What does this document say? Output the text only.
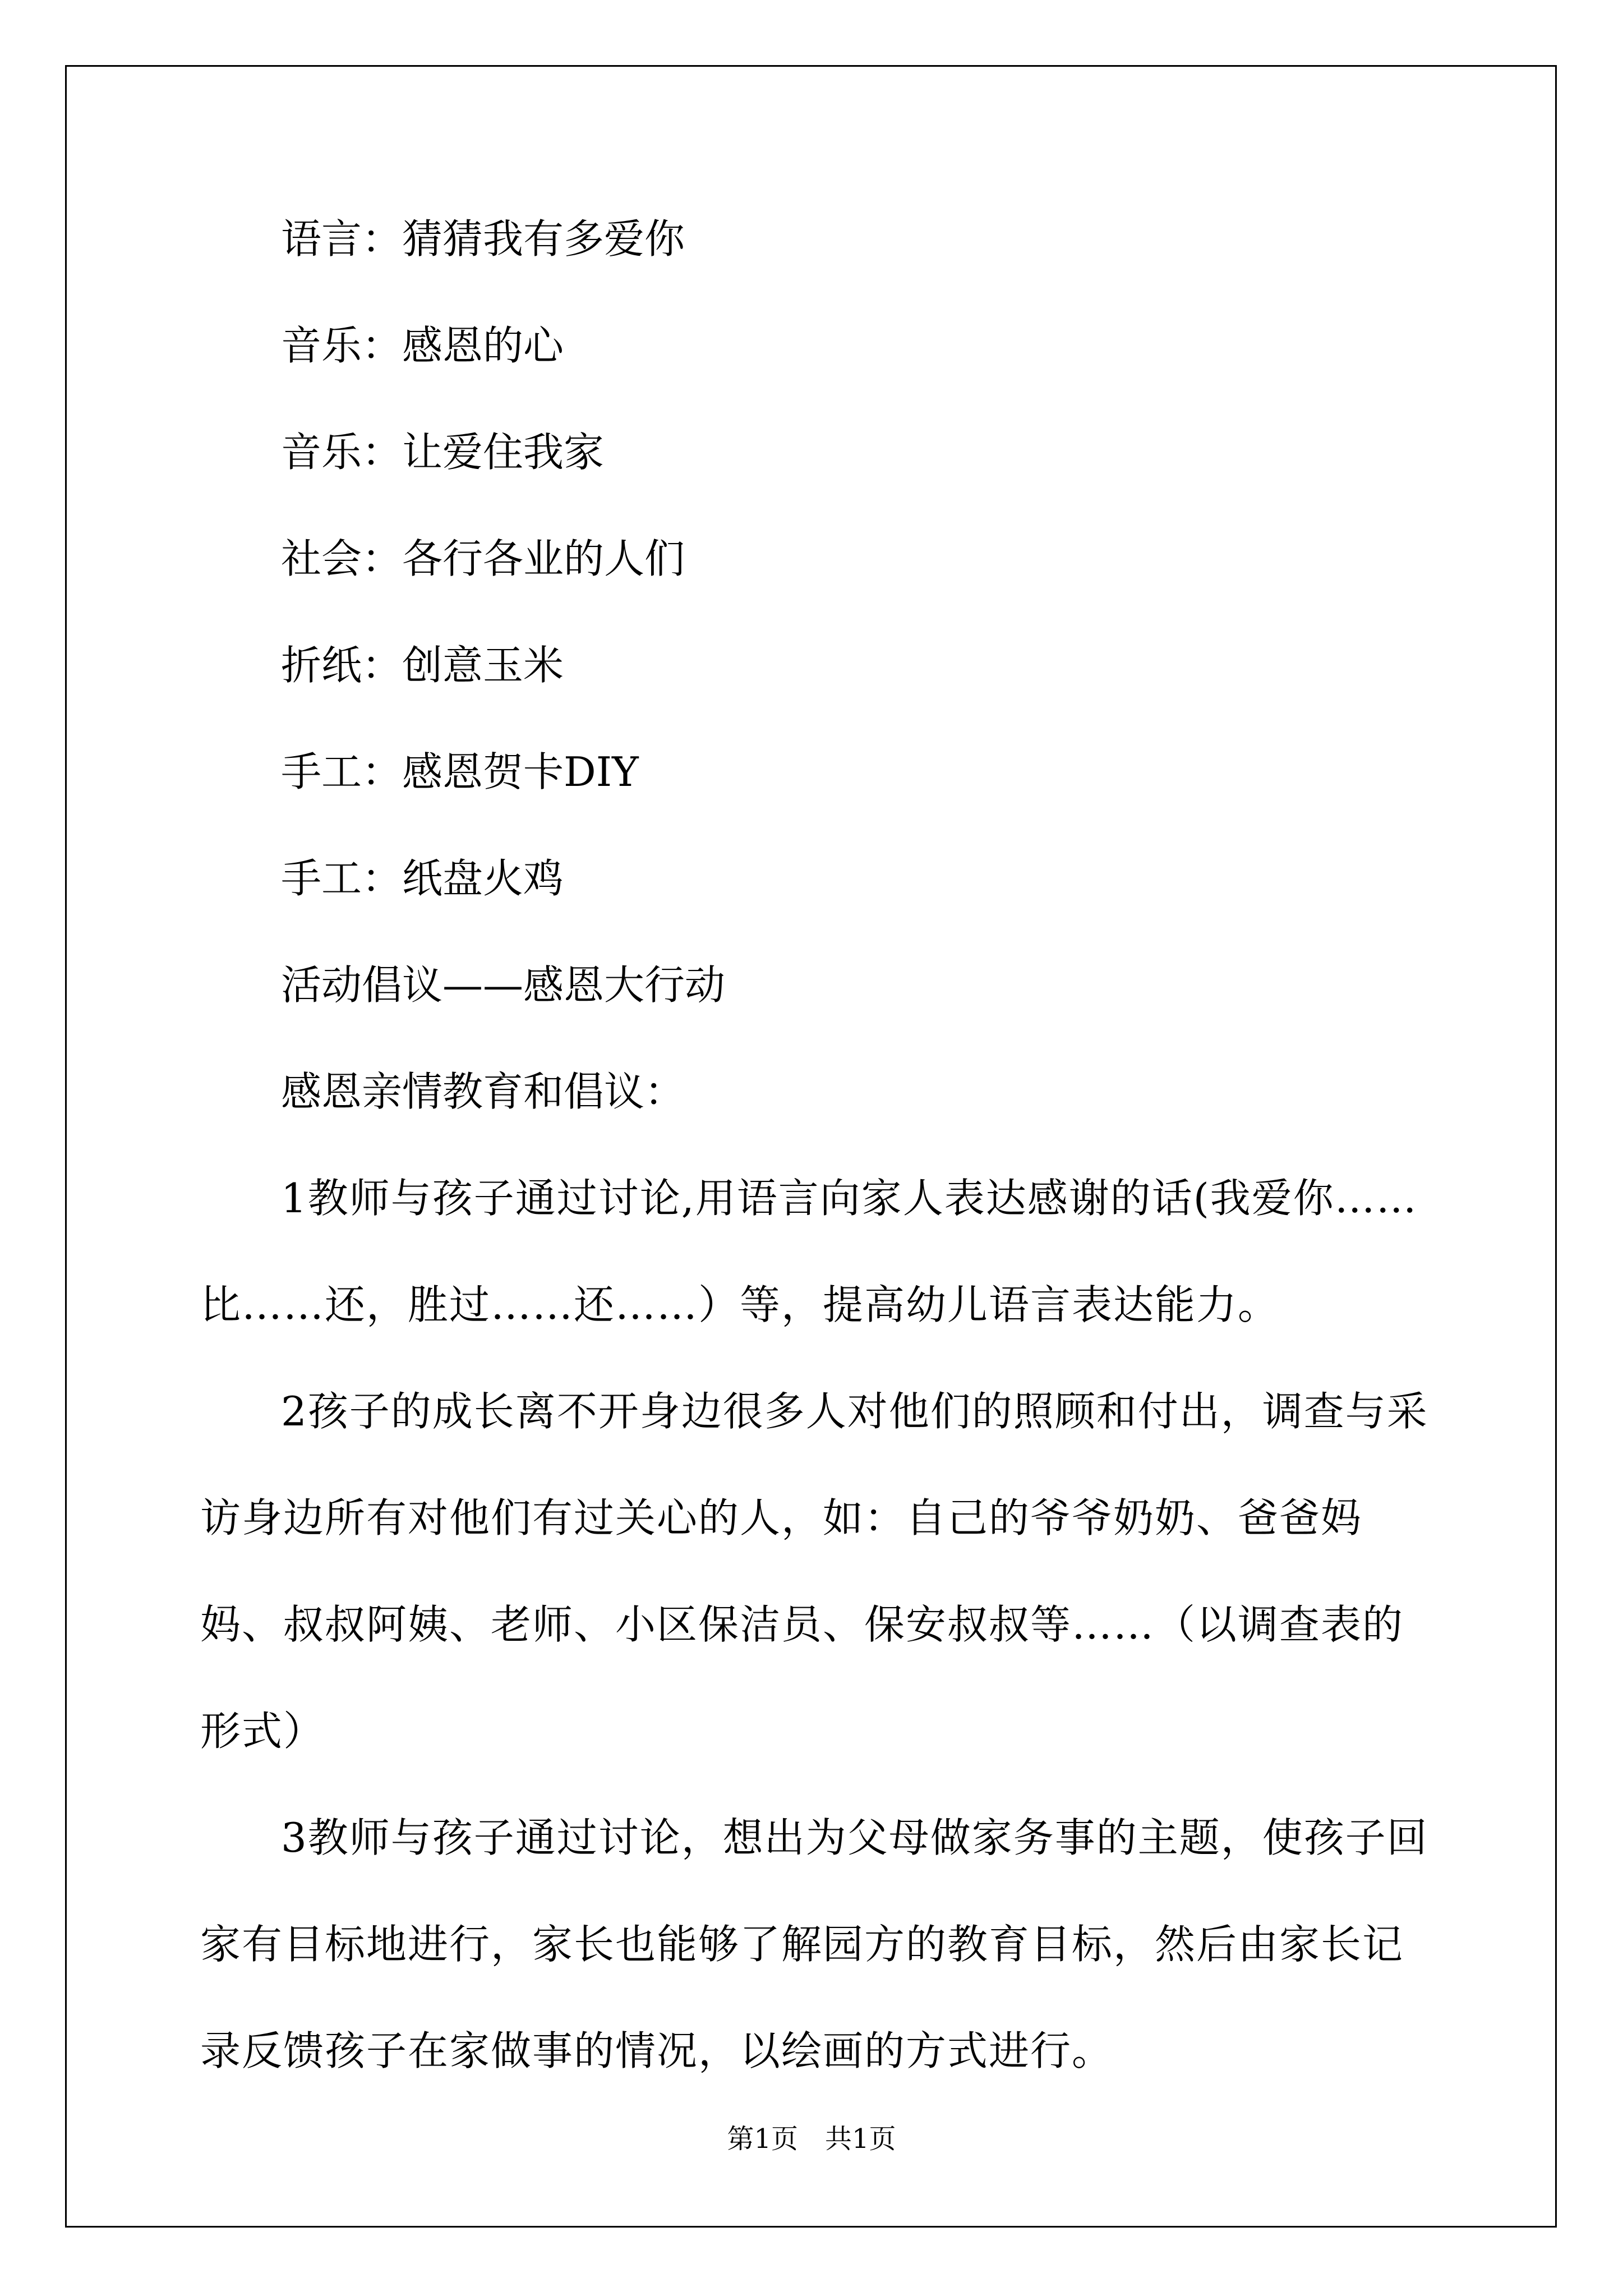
语言：猜猜我有多爱你
音乐：感恩的心
音乐：让爱住我家
社会：各行各业的人们
折纸：创意玉米
手工：感恩贺卡DIY
手工：纸盘火鸡
活动倡议——感恩大行动
感恩亲情教育和倡议：

1教师与孩子通过讨论,用语言向家人表达感谢的话(我爱你……比……还，胜过……还……）等，提高幼儿语言表达能力。

2孩子的成长离不开身边很多人对他们的照顾和付出，调查与采访身边所有对他们有过关心的人，如：自己的爷爷奶奶、爸爸妈妈、叔叔阿姨、老师、小区保洁员、保安叔叔等……（以调查表的形式）

3教师与孩子通过讨论，想出为父母做家务事的主题，使孩子回家有目标地进行，家长也能够了解园方的教育目标，然后由家长记录反馈孩子在家做事的情况，以绘画的方式进行。

第1页　共1页
